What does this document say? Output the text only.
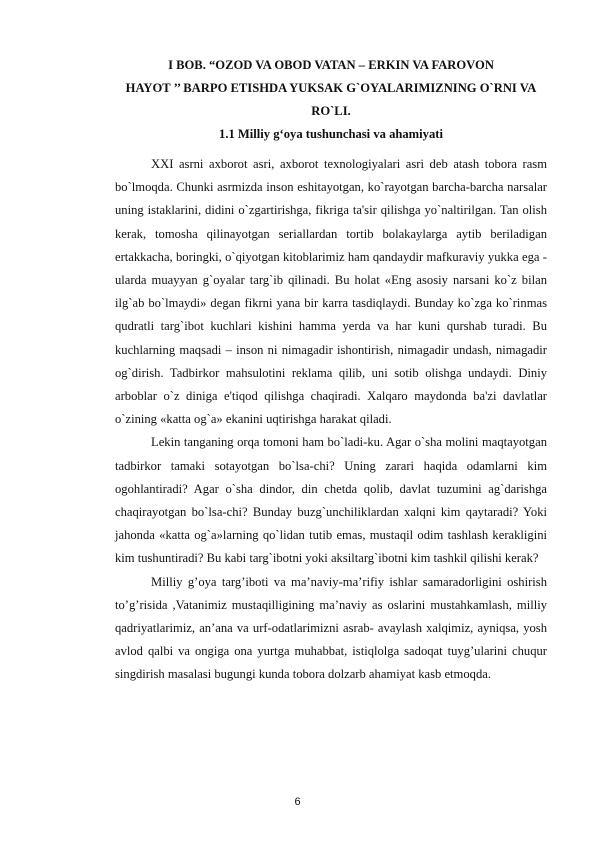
I BOB. “OZOD VA OBOD VATAN – ERKIN VA FAROVON
HAYOT ’’ BARPO ETISHDA YUKSAK G`OYALARIMIZNING O`RNI VA
RO`LI.
1.1 Milliy g‘oya tushunchasi va ahamiyati

XXI asrni axborot asri, axborot texnologiyalari asri deb atash tobora rasm bo`lmoqda. Chunki asrmizda inson eshitayotgan, ko`rayotgan barcha-barcha narsalar uning istaklarini, didini o`zgartirishga, fikriga ta'sir qilishga yo`naltirilgan. Tan olish kerak, tomosha qilinayotgan seriallardan tortib bolakaylarga aytib beriladigan ertakkacha, boringki, o`qiyotgan kitoblarimiz ham qandaydir mafkuraviy yukka ega - ularda muayyan g`oyalar targ`ib qilinadi. Bu holat «Eng asosiy narsani ko`z bilan ilg`ab bo`lmaydi» degan fikrni yana bir karra tasdiqlaydi. Bunday ko`zga ko`rinmas qudratli targ`ibot kuchlari kishini hamma yerda va har kuni qurshab turadi. Bu kuchlarning maqsadi – inson ni nimagadir ishontirish, nimagadir undash, nimagadir og`dirish. Tadbirkor mahsulotini reklama qilib, uni sotib olishga undaydi. Diniy arboblar o`z diniga e'tiqod qilishga chaqiradi. Xalqaro maydonda ba'zi davlatlar o`zining «katta og`a» ekanini uqtirishga harakat qiladi.

Lekin tanganing orqa tomoni ham bo`ladi-ku. Agar o`sha molini maqtayotgan tadbirkor tamaki sotayotgan bo`lsa-chi? Uning zarari haqida odamlarni kim ogohlantiradi? Agar o`sha dindor, din chetda qolib, davlat tuzumini ag`darishga chaqirayotgan bo`lsa-chi? Bunday buzg`unchiliklardan xalqni kim qaytaradi? Yoki jahonda «katta og`a»larning qo`lidan tutib emas, mustaqil odim tashlash kerakligini kim tushuntiradi? Bu kabi targ`ibotni yoki aksiltarg`ibotni kim tashkil qilishi kerak?

Milliy g’oya targ’iboti va ma’naviy-ma’rifiy ishlar samaradorligini oshirish to’g’risida ,Vatanimiz mustaqilligining ma’naviy as oslarini mustahkamlash, milliy qadriyatlarimiz, an’ana va urf-odatlarimizni asrab- avaylash xalqimiz, ayniqsa, yosh avlod qalbi va ongiga ona yurtga muhabbat, istiqlolga sadoqat tuyg’ularini chuqur singdirish masalasi bugungi kunda tobora dolzarb ahamiyat kasb etmoqda.

6
